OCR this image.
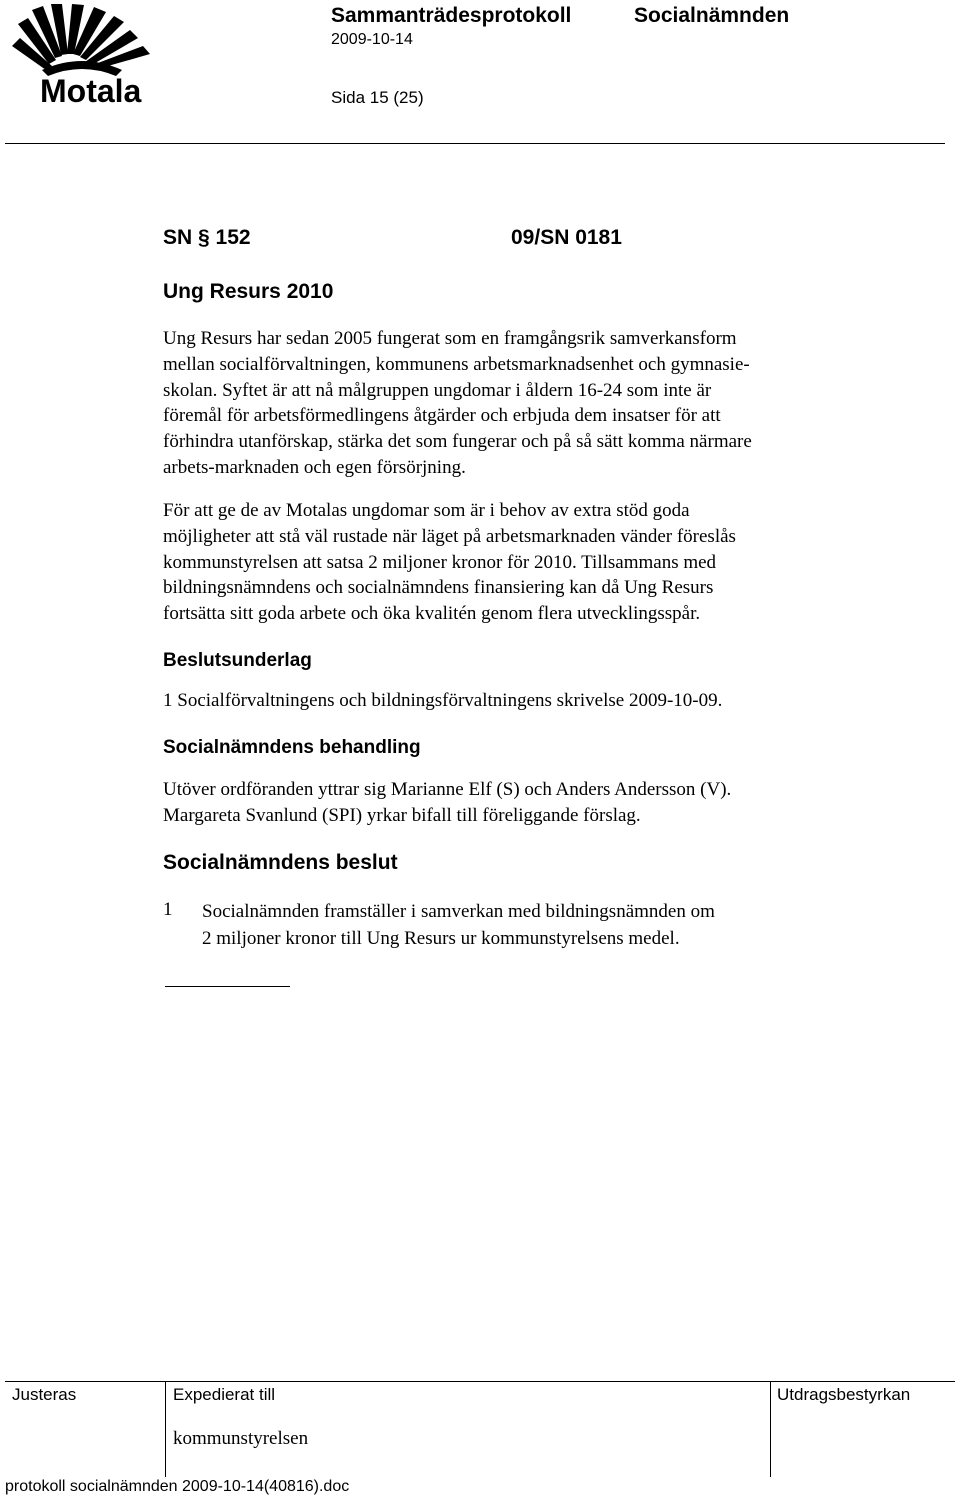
Motala
Sammanträdesprotokoll	Socialnämnden
2009-10-14
Sida 15 (25)
SN § 152	09/SN 0181
Ung Resurs 2010
Ung Resurs har sedan 2005 fungerat som en framgångsrik samverkansform
mellan socialförvaltningen, kommunens arbetsmarknadsenhet och gymnasie-
skolan. Syftet är att nå målgruppen ungdomar i åldern 16-24 som inte är
föremål för arbetsförmedlingens åtgärder och erbjuda dem insatser för att
förhindra utanförskap, stärka det som fungerar och på så sätt komma närmare
arbets-marknaden och egen försörjning.
För att ge de av Motalas ungdomar som är i behov av extra stöd goda
möjligheter att stå väl rustade när läget på arbetsmarknaden vänder föreslås
kommunstyrelsen att satsa 2 miljoner kronor för 2010. Tillsammans med
bildningsnämndens och socialnämndens finansiering kan då Ung Resurs
fortsätta sitt goda arbete och öka kvalitén genom flera utvecklingsspår.
Beslutsunderlag
1 Socialförvaltningens och bildningsförvaltningens skrivelse 2009-10-09.
Socialnämndens behandling
Utöver ordföranden yttrar sig Marianne Elf (S) och Anders Andersson (V).
Margareta Svanlund (SPI) yrkar bifall till föreliggande förslag.
Socialnämndens beslut
1 Socialnämnden framställer i samverkan med bildningsnämnden om
2 miljoner kronor till Ung Resurs ur kommunstyrelsens medel.
Justeras	Expedierat till	Utdragsbestyrkan
kommunstyrelsen
protokoll socialnämnden 2009-10-14(40816).doc
